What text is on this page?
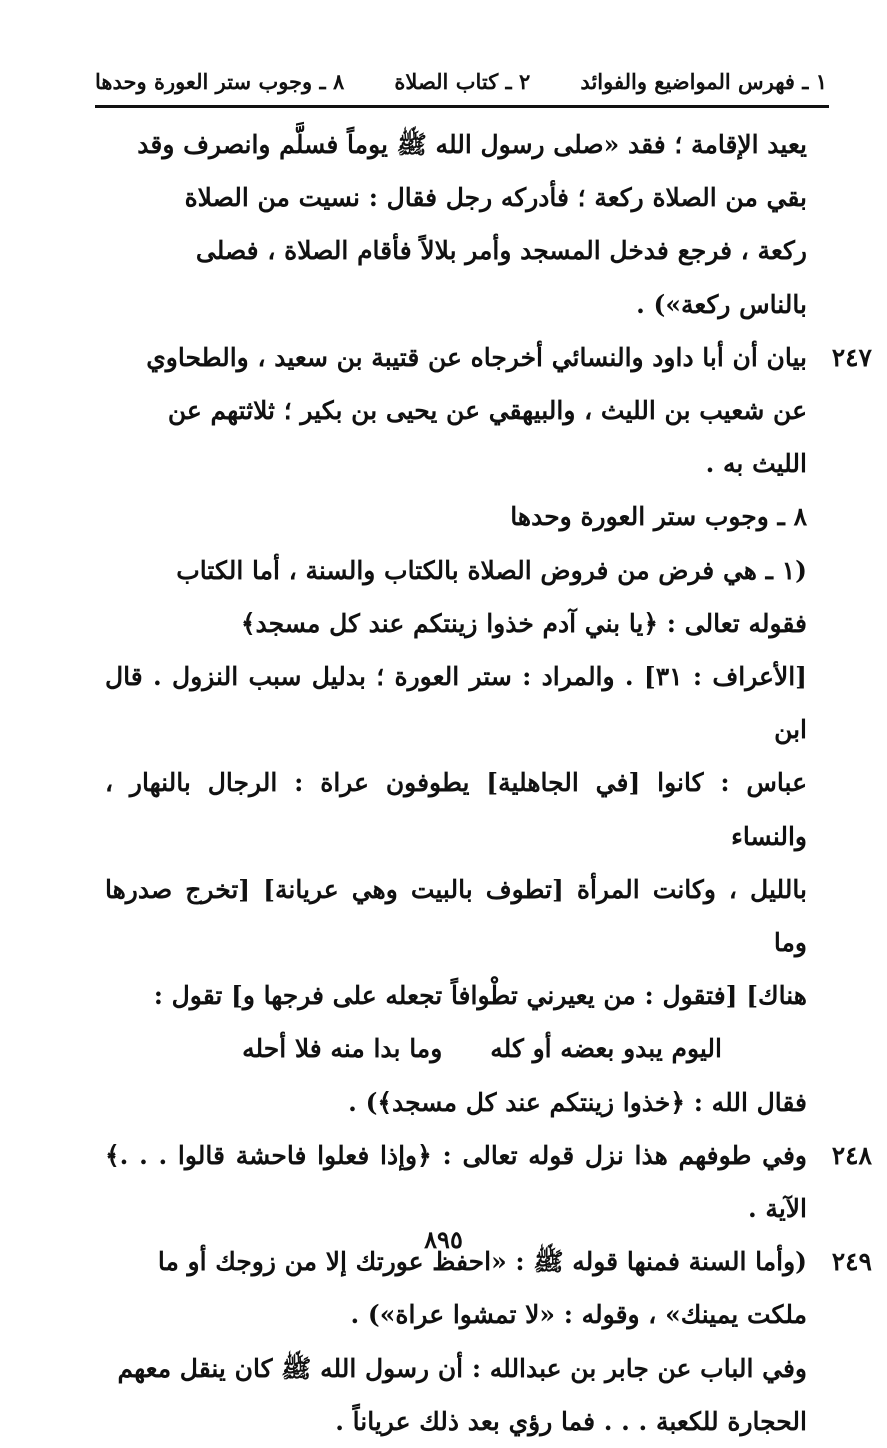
١ ـ فهرس المواضيع والفوائد
٢ ـ كتاب الصلاة
٨ ـ وجوب ستر العورة وحدها

يعيد الإقامة ؛ فقد «صلى رسول الله ﷺ يوماً فسلَّم وانصرف وقد

بقي من الصلاة ركعة ؛ فأدركه رجل فقال : نسيت من الصلاة

ركعة ، فرجع فدخل المسجد وأمر بلالاً فأقام الصلاة ، فصلى

بالناس ركعة») .

٢٤٧
بيان أن أبا داود والنسائي أخرجاه عن قتيبة بن سعيد ، والطحاوي

عن شعيب بن الليث ، والبيهقي عن يحيى بن بكير ؛ ثلاثتهم عن

الليث به .

٨ ـ وجوب ستر العورة وحدها

(١ ـ هي فرض من فروض الصلاة بالكتاب والسنة ، أما الكتاب

فقوله تعالى : ﴿يا بني آدم خذوا زينتكم عند كل مسجد﴾

[الأعراف : ٣١] . والمراد : ستر العورة ؛ بدليل سبب النزول . قال ابن

عباس : كانوا [في الجاهلية] يطوفون عراة : الرجال بالنهار ، والنساء

بالليل ، وكانت المرأة [تطوف بالبيت وهي عريانة] [تخرج صدرها وما

هناك] [فتقول : من يعيرني تطْوافاً تجعله على فرجها و] تقول :

اليوم يبدو بعضه أو كله
وما بدا منه فلا أحله

فقال الله : ﴿خذوا زينتكم عند كل مسجد﴾) .

٢٤٨
وفي طوفهم هذا نزل قوله تعالى : ﴿وإذا فعلوا فاحشة قالوا . . .﴾ الآية .

٢٤٩
(وأما السنة فمنها قوله ﷺ : «احفظ عورتك إلا من زوجك أو ما

ملكت يمينك» ، وقوله : «لا تمشوا عراة») .

وفي الباب عن جابر بن عبدالله : أن رسول الله ﷺ كان ينقل معهم

الحجارة للكعبة . . . فما رؤي بعد ذلك عرياناً .

٨٩٥
